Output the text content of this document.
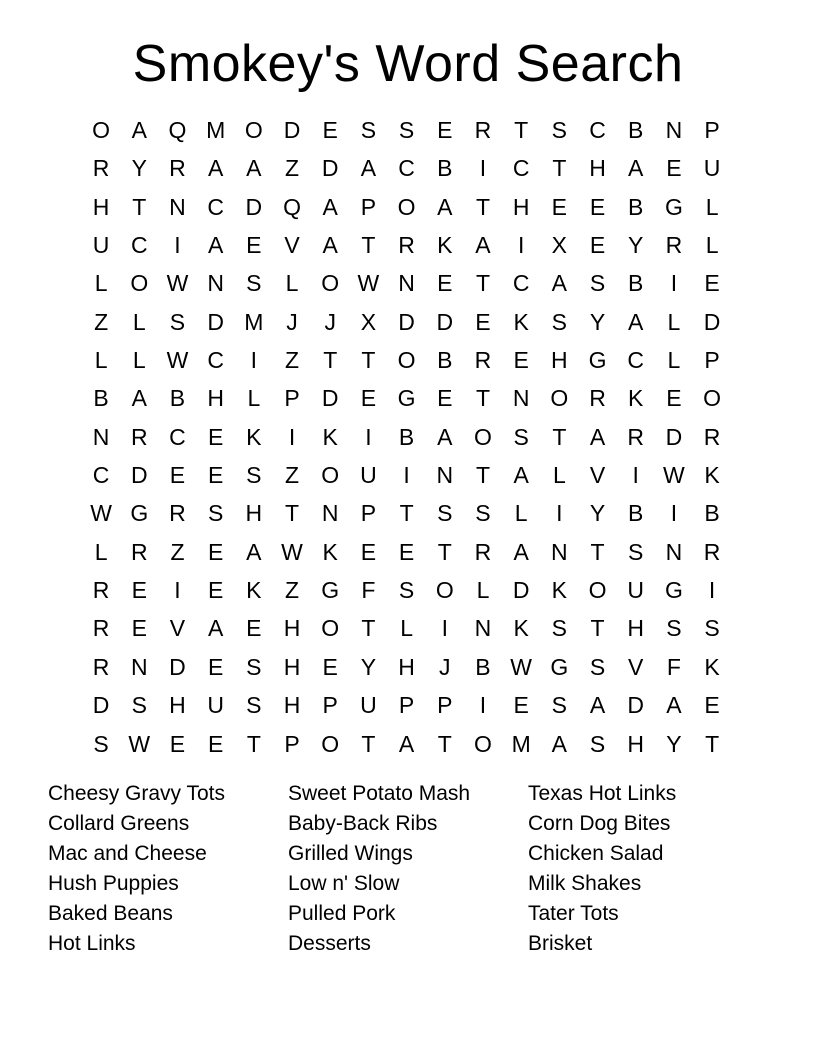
Smokey's Word Search
O A Q M O D E S S E R T	S C B N P
R Y R A A	Z D A C B	I	C T H A E U
H T N C D Q A P O A	T H E E B G L
U C	I	A E V A	T R K A	I	X E Y R	L
L O W N S	L O W N E	T C A S B	I	E
Z	L	S D M J	J	X D D E K S Y A	L	D
L	L W C	I	Z	T	T O B R E H G C	L	P
B A B H	L	P D E G E	T N O R K E O
N R C E K	I	K	I	B A O S	T	A R D R
C D E E S	Z O U	I	N T	A	L	V	I	W K
W G R S H T N P	T	S S	L	I	Y B	I	B
L	R Z	E A W K E E	T R A N T	S N R
R E	I	E K	Z G F	S O L	D K O U G	I
R E V A E H O T	L	I	N K S	T H S S
R N D E S H E Y H	J	B W G S V	F	K
D S H U S H P U P P	I	E S A D A E
S W E E	T	P O T	A	T O M A S H Y	T
Cheesy Gravy Tots
Collard Greens
Mac and Cheese
Hush Puppies
Baked Beans
Hot Links
Sweet Potato Mash
Baby-Back Ribs
Grilled Wings
Low n' Slow
Pulled Pork
Desserts
Texas Hot Links
Corn Dog Bites
Chicken Salad
Milk Shakes
Tater Tots
Brisket
